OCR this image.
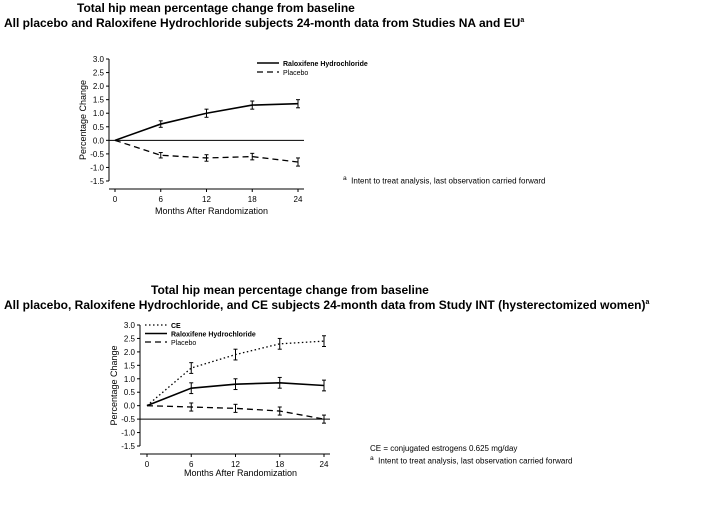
Total hip mean percentage change from baseline
All placebo and Raloxifene Hydrochloride subjects 24-month data from Studies NA and $EU^a$
Total hip mean percentage change from baseline
All placebo, Raloxifene Hydrochloride, and CE subjects 24-month data from Study INT (hysterectomized women)$^a$
$^a$ Intent to treat analysis, last observation carried forward
CE = conjugated estrogens 0.625 mg/day
$^a$ Intent to treat analysis, last observation carried forward
3.0
2.5
2.0
1.5
1.0
0.5
0.0
-0.5
-1.0
-1.5
0	6	12	18	24
Months After Randomization
Percentage Change
Raloxifene Hydrochloride
Placebo
3.0
2.5
2.0
1.5
1.0
0.5
0.0
-0.5
-1.0
-1.5
0	6	12	18	24
Months After Randomization
Percentage Change
CE
Raloxifene Hydrochloride
Placebo
